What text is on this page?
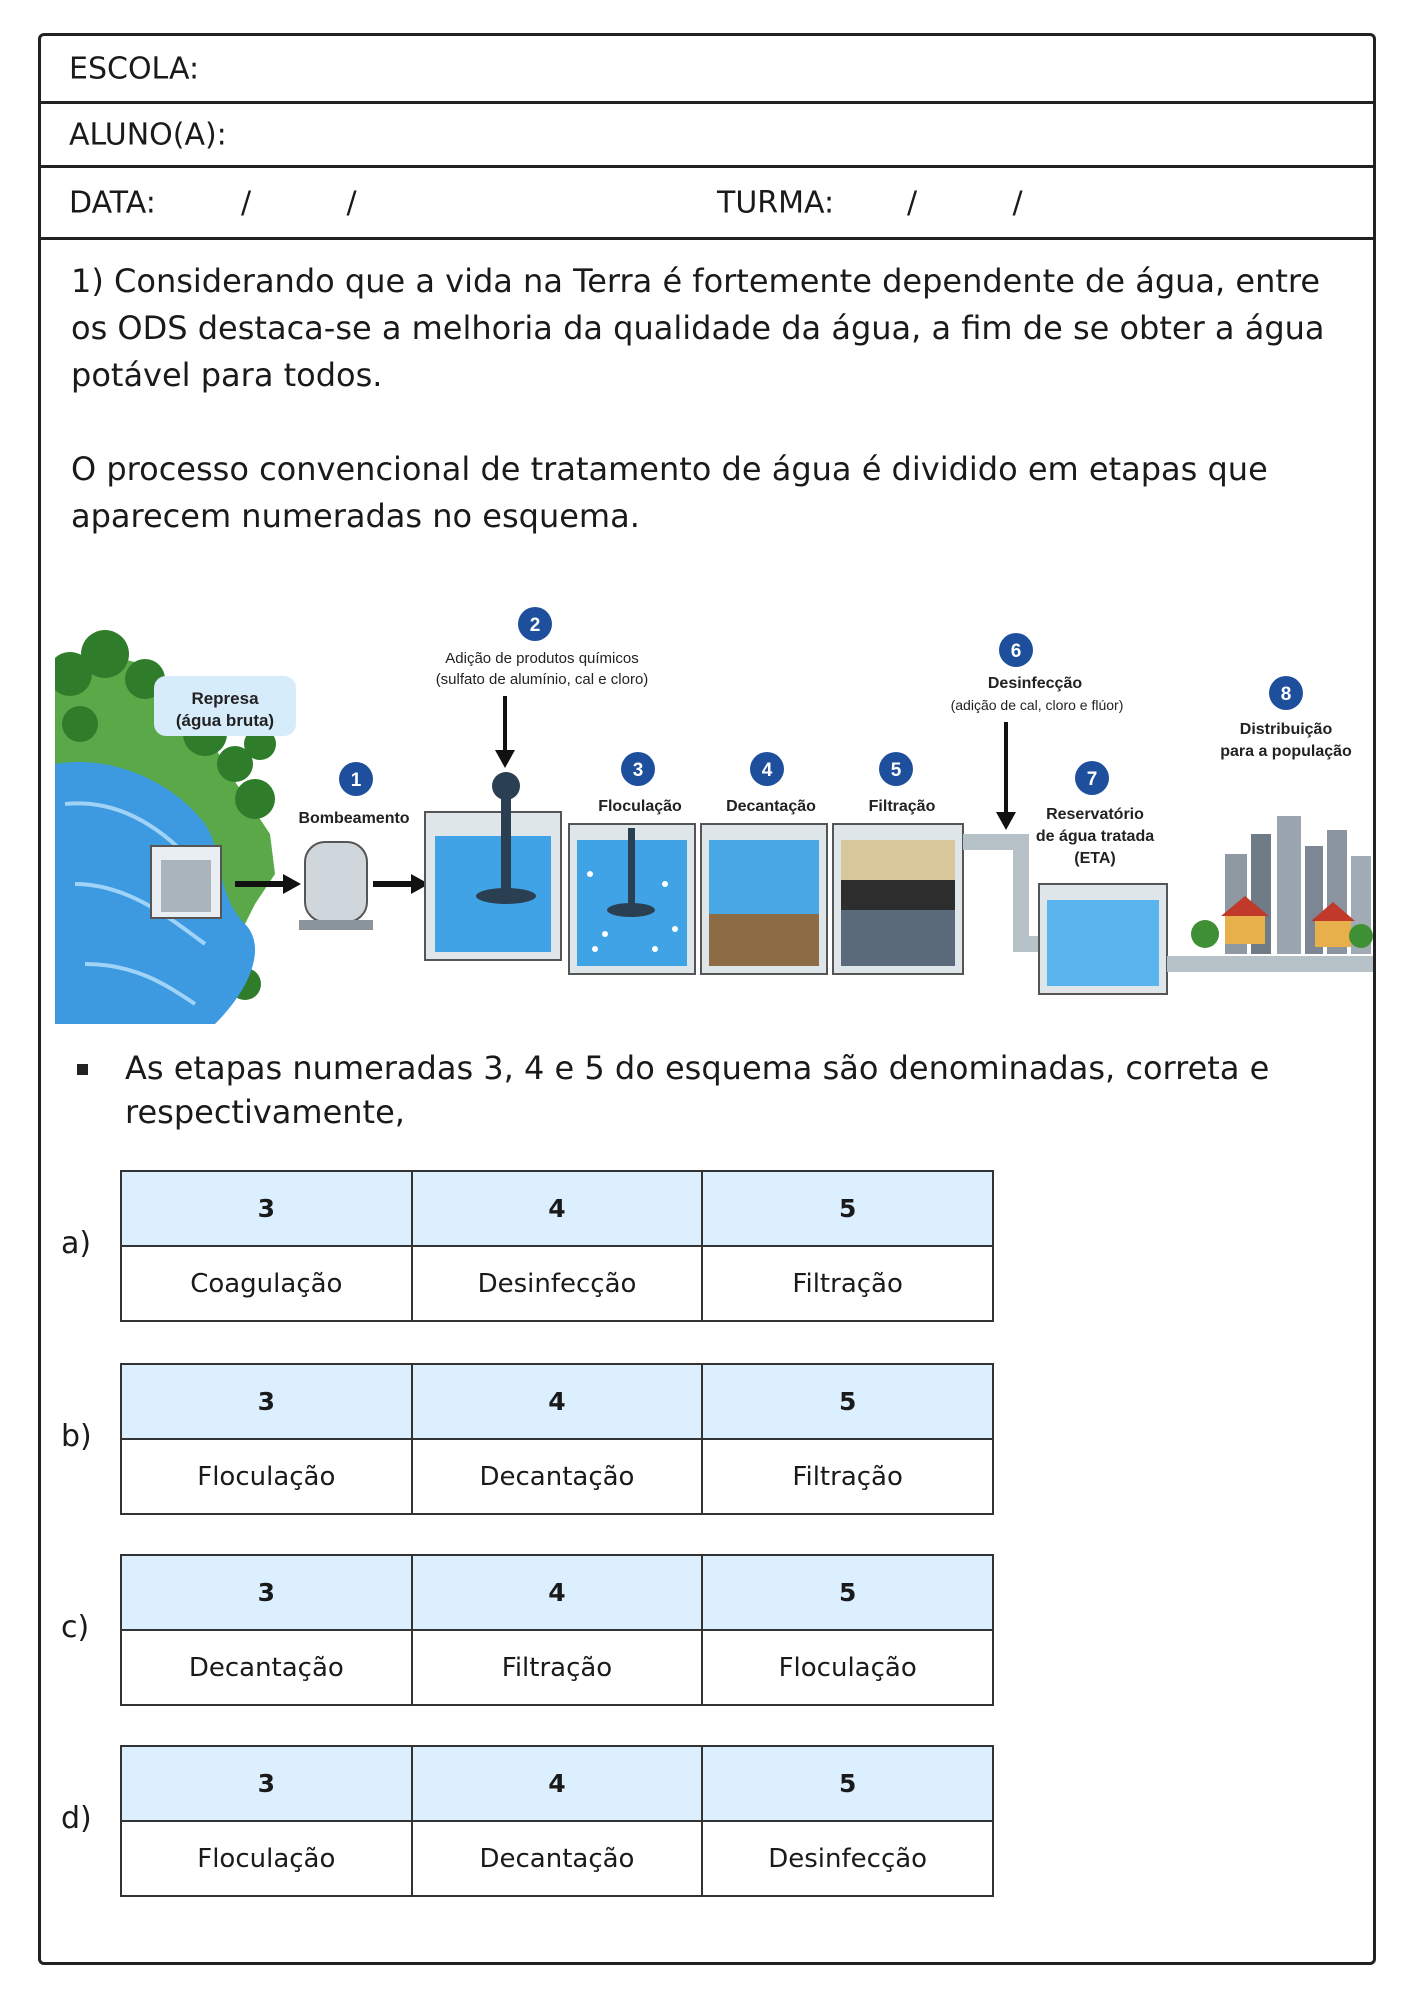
ESCOLA:
ALUNO(A):
DATA:	/          /	TURMA: /          /
1) Considerando que a vida na Terra é fortemente dependente de água, entre os ODS destaca-se a melhoria da qualidade da água, a fim de se obter a água potável para todos.
O processo convencional de tratamento de água é dividido em etapas que aparecem numeradas no esquema.
Represa
(água bruta)
1
Bombeamento
2
Adição de produtos químicos
(sulfato de alumínio, cal e cloro)
3
Floculação
4
Decantação
5
Filtração
6
Desinfecção
(adição de cal, cloro e flúor)
7
Reservatório
de água tratada
(ETA)
8
Distribuição
para a população
As etapas numeradas 3, 4 e 5 do esquema são denominadas, correta e respectivamente,
a)
3	4	5
Coagulação	Desinfecção	Filtração
b)
3	4	5
Floculação	Decantação	Filtração
c)
3	4	5
Decantação	Filtração	Floculação
d)
3	4	5
Floculação	Decantação	Desinfecção
